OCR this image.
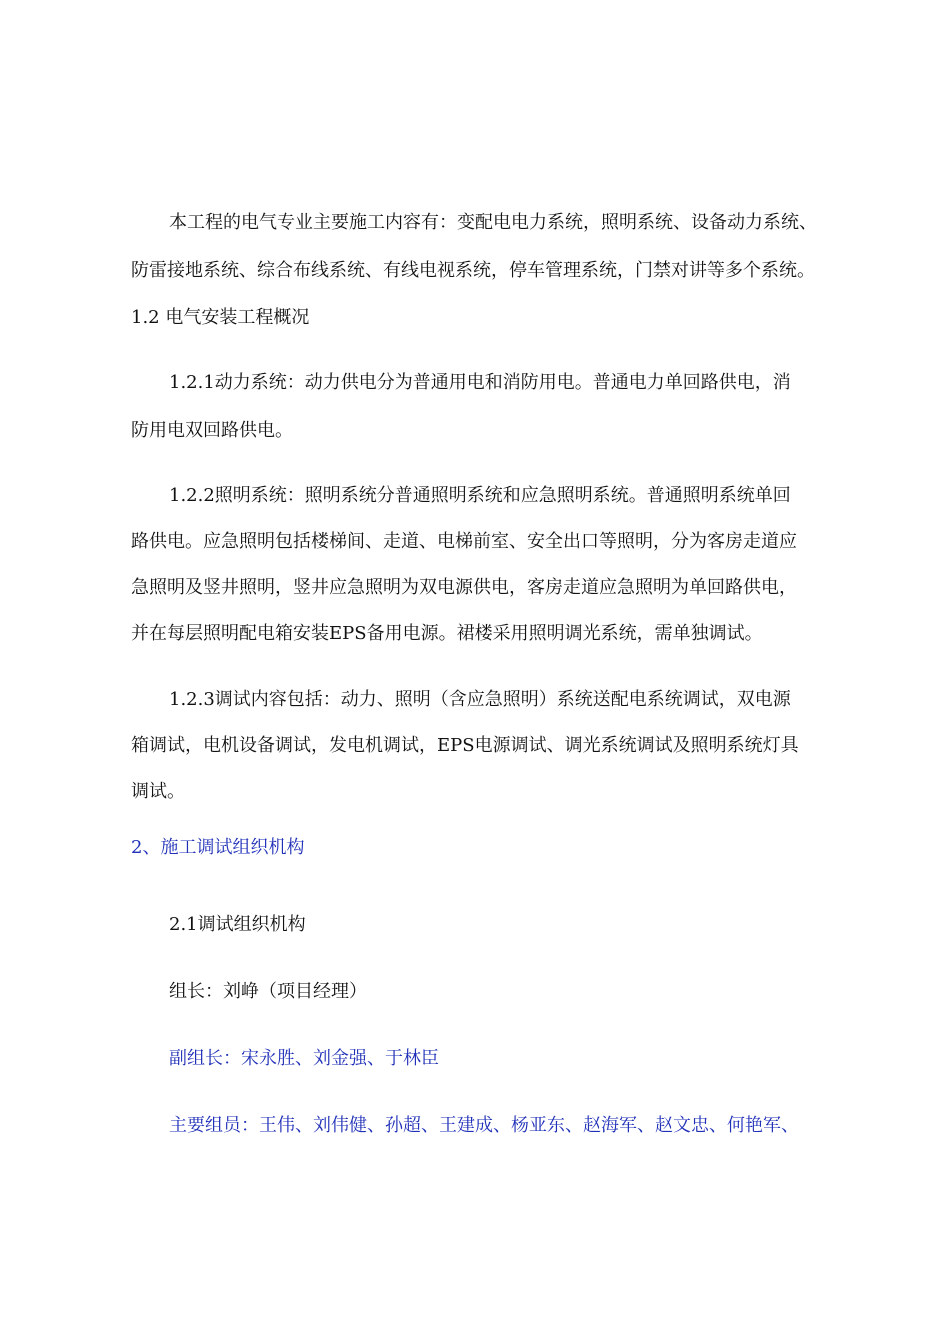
本工程的电气专业主要施工内容有：变配电电力系统，照明系统、设备动力系统、
防雷接地系统、综合布线系统、有线电视系统，停车管理系统，门禁对讲等多个系统。
1.2 电气安装工程概况
1.2.1动力系统：动力供电分为普通用电和消防用电。普通电力单回路供电，消
防用电双回路供电。
1.2.2照明系统：照明系统分普通照明系统和应急照明系统。普通照明系统单回
路供电。应急照明包括楼梯间、走道、电梯前室、安全出口等照明，分为客房走道应
急照明及竖井照明，竖井应急照明为双电源供电，客房走道应急照明为单回路供电，
并在每层照明配电箱安装EPS备用电源。裙楼采用照明调光系统，需单独调试。
1.2.3调试内容包括：动力、照明（含应急照明）系统送配电系统调试，双电源
箱调试，电机设备调试，发电机调试，EPS电源调试、调光系统调试及照明系统灯具
调试。
2、施工调试组织机构
2.1调试组织机构
组长：刘峥（项目经理）
副组长：宋永胜、刘金强、于林臣
主要组员：王伟、刘伟健、孙超、王建成、杨亚东、赵海军、赵文忠、何艳军、
